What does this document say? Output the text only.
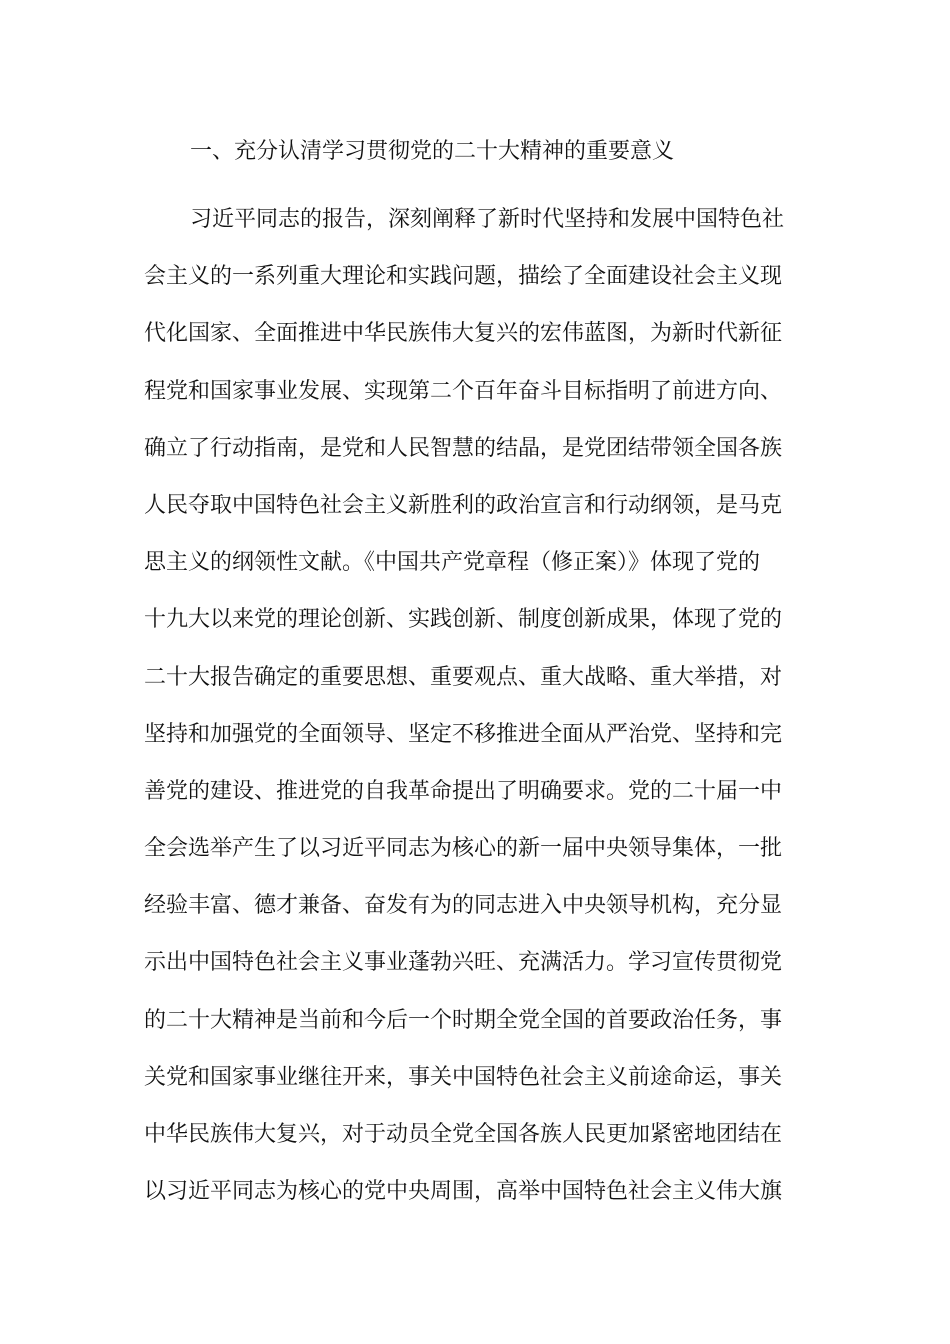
一、充分认清学习贯彻党的二十大精神的重要意义
习近平同志的报告，深刻阐释了新时代坚持和发展中国特色社
会主义的一系列重大理论和实践问题，描绘了全面建设社会主义现
代化国家、全面推进中华民族伟大复兴的宏伟蓝图，为新时代新征
程党和国家事业发展、实现第二个百年奋斗目标指明了前进方向、
确立了行动指南，是党和人民智慧的结晶，是党团结带领全国各族
人民夺取中国特色社会主义新胜利的政治宣言和行动纲领，是马克
思主义的纲领性文献。《中国共产党章程（修正案）》体现了党的
十九大以来党的理论创新、实践创新、制度创新成果，体现了党的
二十大报告确定的重要思想、重要观点、重大战略、重大举措，对
坚持和加强党的全面领导、坚定不移推进全面从严治党、坚持和完
善党的建设、推进党的自我革命提出了明确要求。党的二十届一中
全会选举产生了以习近平同志为核心的新一届中央领导集体，一批
经验丰富、德才兼备、奋发有为的同志进入中央领导机构，充分显
示出中国特色社会主义事业蓬勃兴旺、充满活力。学习宣传贯彻党
的二十大精神是当前和今后一个时期全党全国的首要政治任务，事
关党和国家事业继往开来，事关中国特色社会主义前途命运，事关
中华民族伟大复兴，对于动员全党全国各族人民更加紧密地团结在
以习近平同志为核心的党中央周围，高举中国特色社会主义伟大旗
